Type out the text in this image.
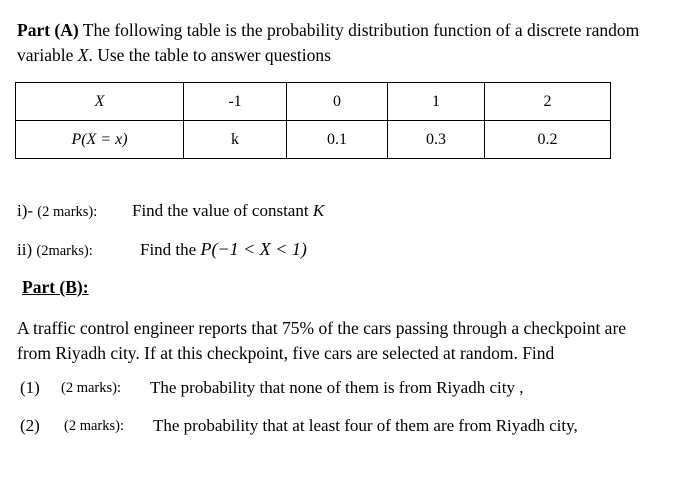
Part (A) The following table is the probability distribution function of a discrete random
variable X. Use the table to answer questions
X	-1	0	1	2
P(X = x)	k	0.1	0.3	0.2
i)- (2 marks): Find the value of constant K
ii) (2marks):	Find the P(−1 < X < 1)
Part (B):
A traffic control engineer reports that 75% of the cars passing through a checkpoint are
from Riyadh city. If at this checkpoint, five cars are selected at random. Find
(1) (2 marks): The probability that none of them is from Riyadh city ,
(2) (2 marks): The probability that at least four of them are from Riyadh city,
